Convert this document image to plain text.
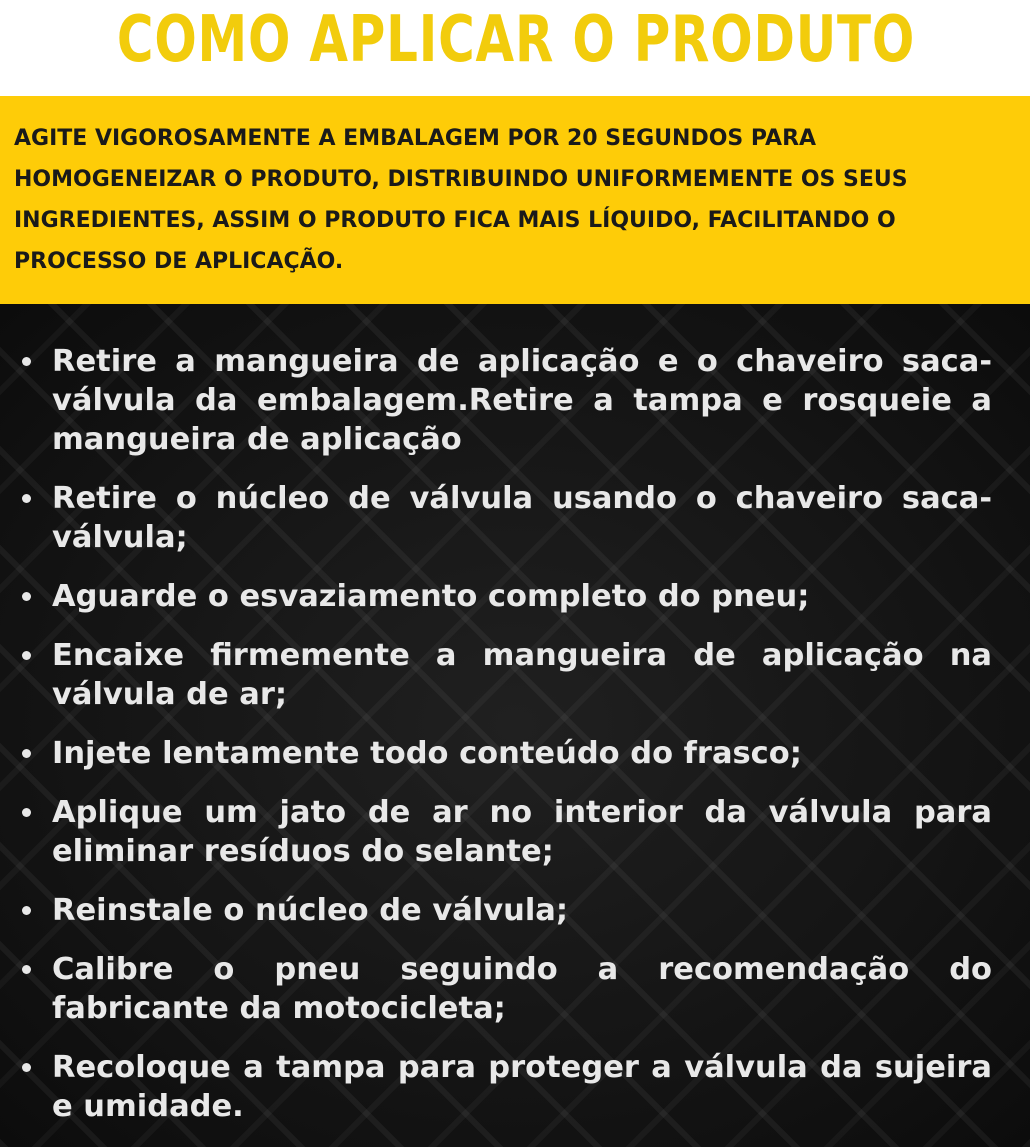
COMO APLICAR O PRODUTO

AGITE VIGOROSAMENTE A EMBALAGEM POR 20 SEGUNDOS PARA HOMOGENEIZAR O PRODUTO, DISTRIBUINDO UNIFORMEMENTE OS SEUS INGREDIENTES, ASSIM O PRODUTO FICA MAIS LÍQUIDO, FACILITANDO O PROCESSO DE APLICAÇÃO.

Retire a mangueira de aplicação e o chaveiro saca-válvula da embalagem.Retire a tampa e rosqueie a mangueira de aplicação
Retire o núcleo de válvula usando o chaveiro saca-válvula;
Aguarde o esvaziamento completo do pneu;
Encaixe firmemente a mangueira de aplicação na válvula de ar;
Injete lentamente todo conteúdo do frasco;
Aplique um jato de ar no interior da válvula para eliminar resíduos do selante;
Reinstale o núcleo de válvula;
Calibre o pneu seguindo a recomendação do fabricante da motocicleta;
Recoloque a tampa para proteger a válvula da sujeira e umidade.
